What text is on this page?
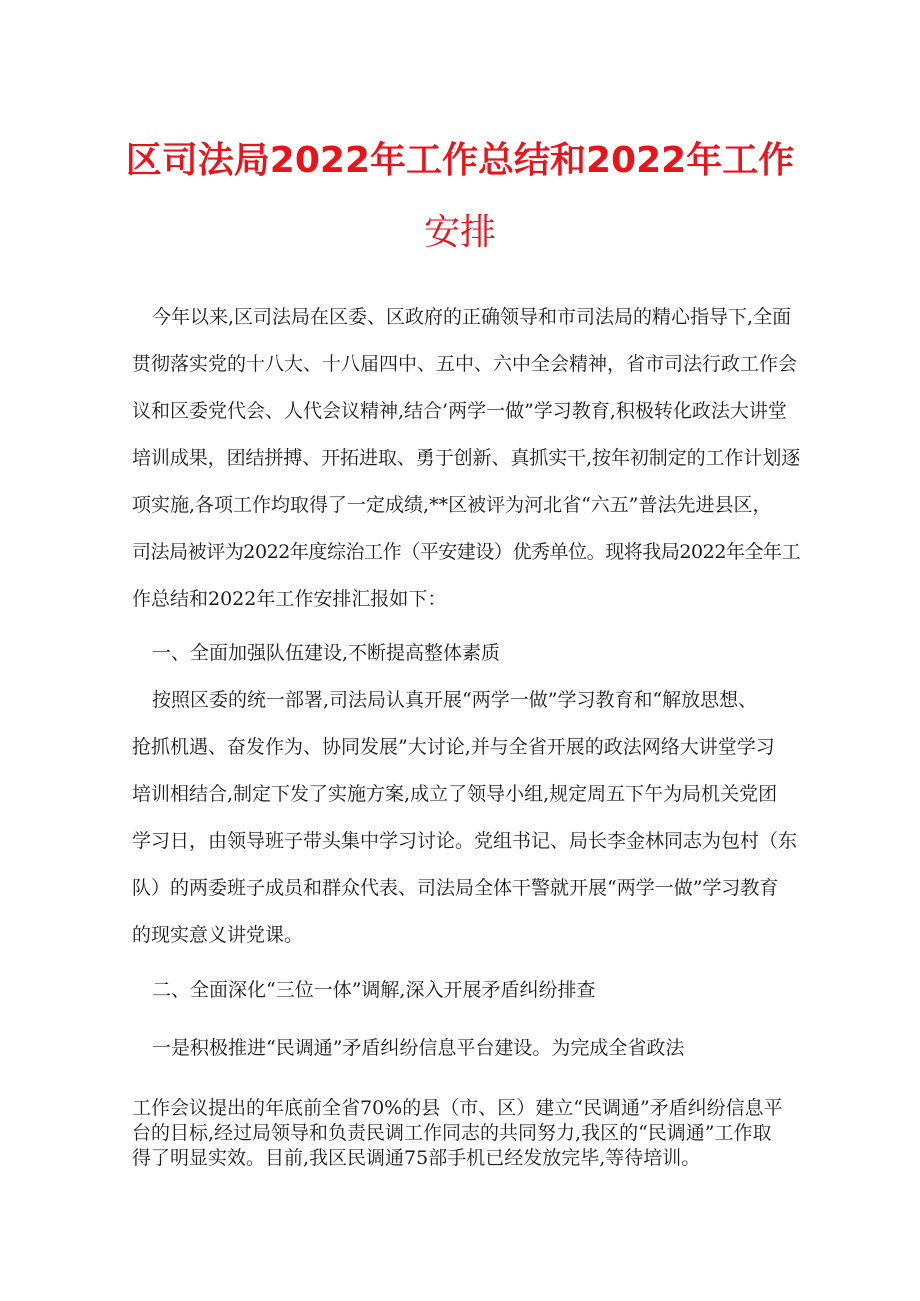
区司法局2022年工作总结和2022年工作
安排
今年以来,区司法局在区委、区政府的正确领导和市司法局的精心指导下,全面
贯彻落实党的十八大、十八届四中、五中、六中全会精神，省市司法行政工作会
议和区委党代会、人代会议精神,结合’两学一做”学习教育,积极转化政法大讲堂
培训成果，团结拼搏、开拓进取、勇于创新、真抓实干,按年初制定的工作计划逐
项实施,各项工作均取得了一定成绩,**区被评为河北省“六五”普法先进县区，
司法局被评为2022年度综治工作（平安建设）优秀单位。现将我局2022年全年工
作总结和2022年工作安排汇报如下：
一、全面加强队伍建设,不断提高整体素质
按照区委的统一部署,司法局认真开展“两学一做”学习教育和“解放思想、
抢抓机遇、奋发作为、协同发展”大讨论,并与全省开展的政法网络大讲堂学习
培训相结合,制定下发了实施方案,成立了领导小组,规定周五下午为局机关党团
学习日，由领导班子带头集中学习讨论。党组书记、局长李金林同志为包村（东
队）的两委班子成员和群众代表、司法局全体干警就开展“两学一做”学习教育
的现实意义讲党课。
二、全面深化“三位一体”调解,深入开展矛盾纠纷排查
一是积极推进“民调通”矛盾纠纷信息平台建设。为完成全省政法
工作会议提出的年底前全省70%的县（市、区）建立“民调通”矛盾纠纷信息平
台的目标,经过局领导和负责民调工作同志的共同努力,我区的“民调通”工作取
得了明显实效。目前,我区民调通75部手机已经发放完毕,等待培训。
